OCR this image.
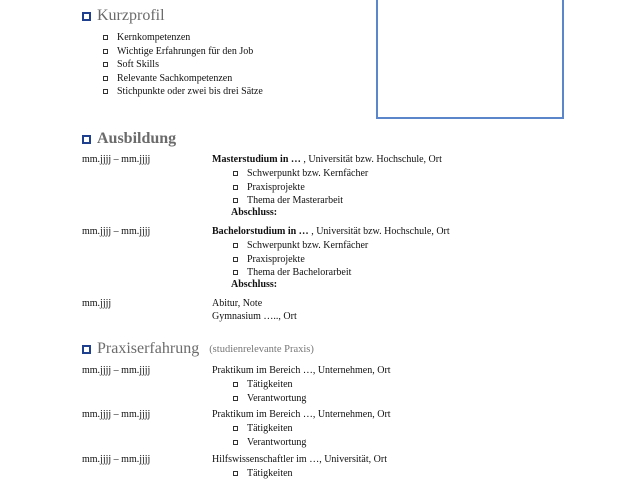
Kurzprofil
Kernkompetenzen
Wichtige Erfahrungen für den Job
Soft Skills
Relevante Sachkompetenzen
Stichpunkte oder zwei bis drei Sätze
Ausbildung
mm.jjjj – mm.jjjj	Masterstudium in … , Universität bzw. Hochschule, Ort
Schwerpunkt bzw. Kernfächer
Praxisprojekte
Thema der Masterarbeit
Abschluss:
mm.jjjj – mm.jjjj	Bachelorstudium in … , Universität bzw. Hochschule, Ort
Schwerpunkt bzw. Kernfächer
Praxisprojekte
Thema der Bachelorarbeit
Abschluss:
mm.jjjj	Abitur, Note
Gymnasium ….., Ort
Praxiserfahrung (studienrelevante Praxis)
mm.jjjj – mm.jjjj	Praktikum im Bereich …, Unternehmen, Ort
Tätigkeiten
Verantwortung
mm.jjjj – mm.jjjj	Praktikum im Bereich …, Unternehmen, Ort
Tätigkeiten
Verantwortung
mm.jjjj – mm.jjjj	Hilfswissenschaftler im …, Universität, Ort
Tätigkeiten
